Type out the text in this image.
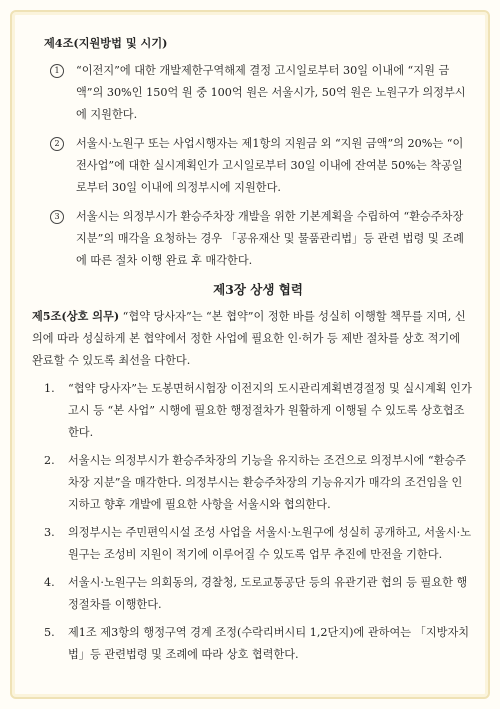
제4조(지원방법 및 시기)
1	“이전지”에 대한 개발제한구역해제 결정 고시일로부터 30일 이내에 “지원 금액”의 30%인 150억 원 중 100억 원은 서울시가, 50억 원은 노원구가 의정부시에 지원한다.
2	서울시·노원구 또는 사업시행자는 제1항의 지원금 외 “지원 금액”의 20%는 “이전사업”에 대한 실시계획인가 고시일로부터 30일 이내에 잔여분 50%는 착공일로부터 30일 이내에 의정부시에 지원한다.
3	서울시는 의정부시가 환승주차장 개발을 위한 기본계획을 수립하여 “환승주차장 지분”의 매각을 요청하는 경우 「공유재산 및 물품관리법」등 관련 법령 및 조례에 따른 절차 이행 완료 후 매각한다.
제3장 상생 협력
제5조(상호 의무) “협약 당사자”는 “본 협약”이 정한 바를 성실히 이행할 책무를 지며, 신의에 따라 성실하게 본 협약에서 정한 사업에 필요한 인·허가 등 제반 절차를 상호 적기에 완료할 수 있도록 최선을 다한다.
1. “협약 당사자”는 도봉면허시험장 이전지의 도시관리계획변경절정 및 실시계획 인가고시 등 “본 사업” 시행에 필요한 행정절차가 원활하게 이행될 수 있도록 상호협조한다.
2. 서울시는 의정부시가 환승주차장의 기능을 유지하는 조건으로 의정부시에 “환승주차장 지분”을 매각한다. 의정부시는 환승주차장의 기능유지가 매각의 조건임을 인지하고 향후 개발에 필요한 사항을 서울시와 협의한다.
3. 의정부시는 주민편익시설 조성 사업을 서울시·노원구에 성실히 공개하고, 서울시·노원구는 조성비 지원이 적기에 이루어질 수 있도록 업무 추진에 만전을 기한다.
4. 서울시·노원구는 의회동의, 경찰청, 도로교통공단 등의 유관기관 협의 등 필요한 행정절차를 이행한다.
5. 제1조 제3항의 행정구역 경계 조정(수락리버시티 1,2단지)에 관하여는 「지방자치법」등 관련법령 및 조례에 따라 상호 협력한다.
